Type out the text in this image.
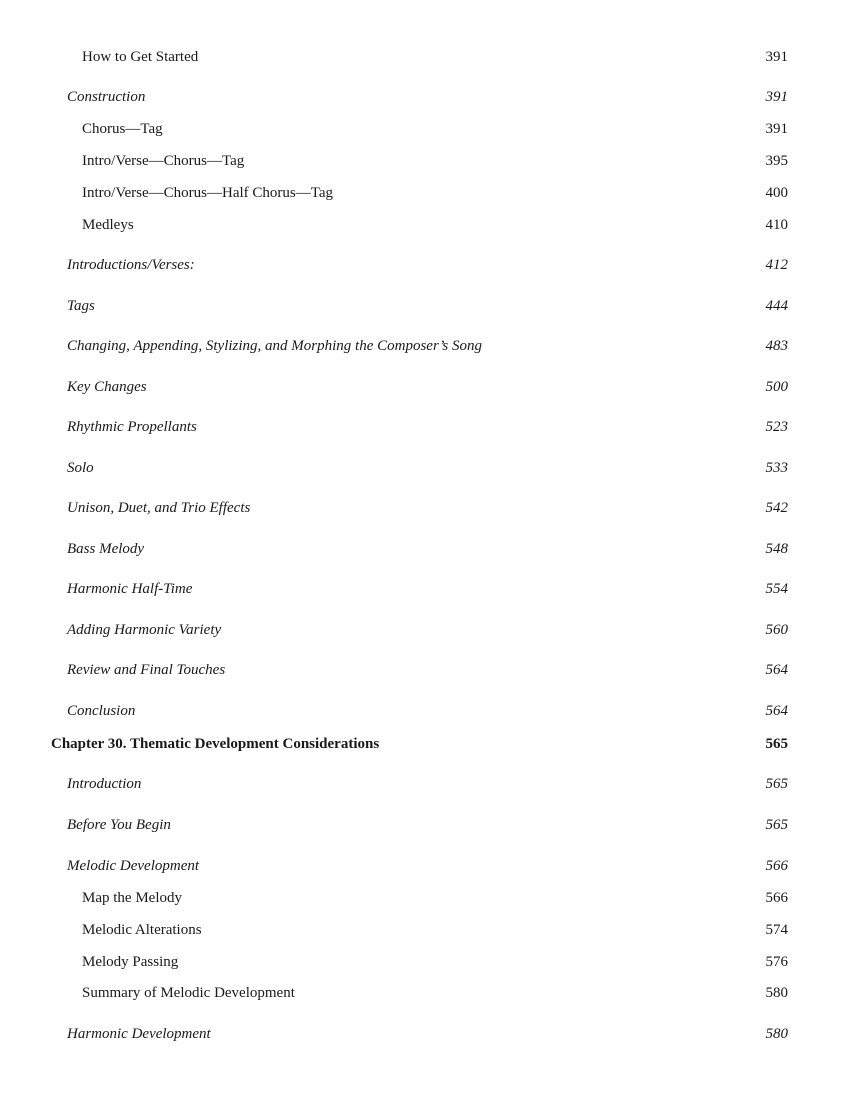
How to Get Started	391
Construction	391
Chorus—Tag	391
Intro/Verse—Chorus—Tag	395
Intro/Verse—Chorus—Half Chorus—Tag	400
Medleys	410
Introductions/Verses:	412
Tags	444
Changing, Appending, Stylizing, and Morphing the Composer’s Song	483
Key Changes	500
Rhythmic Propellants	523
Solo	533
Unison, Duet, and Trio Effects	542
Bass Melody	548
Harmonic Half-Time	554
Adding Harmonic Variety	560
Review and Final Touches	564
Conclusion	564
Chapter 30. Thematic Development Considerations	565
Introduction	565
Before You Begin	565
Melodic Development	566
Map the Melody	566
Melodic Alterations	574
Melody Passing	576
Summary of Melodic Development	580
Harmonic Development	580
